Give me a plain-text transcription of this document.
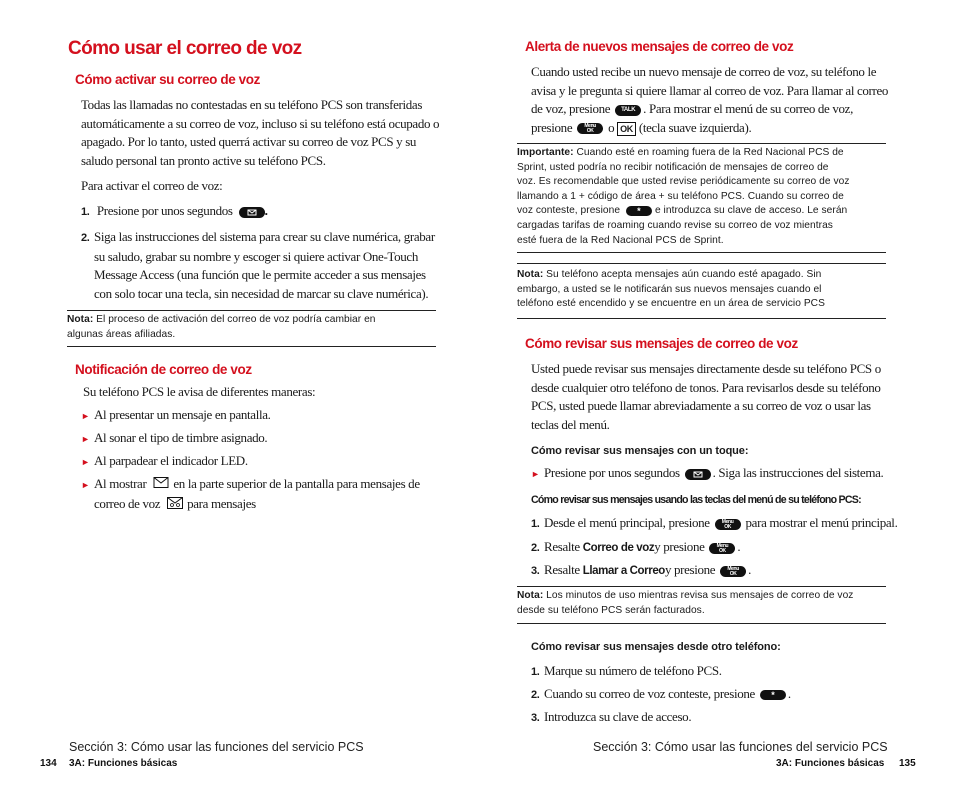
Cómo usar el correo de voz
Cómo activar su correo de voz
Todas las llamadas no contestadas en su teléfono PCS son transferidas
automáticamente a su correo de voz, incluso si su teléfono está ocupado o
apagado. Por lo tanto, usted querrá activar su correo de voz PCS y su
saludo personal tan pronto active su teléfono PCS.
Para activar el correo de voz:
1. Presione por unos segundos .
2. Siga las instrucciones del sistema para crear su clave numérica, grabar
su saludo, grabar su nombre y escoger si quiere activar One-Touch
Message Access (una función que le permite acceder a sus mensajes
con solo tocar una tecla, sin necesidad de marcar su clave numérica).
Nota: El proceso de activación del correo de voz podría cambiar en
algunas áreas afiliadas.
Notificación de correo de voz
Su teléfono PCS le avisa de diferentes maneras:
► Al presentar un mensaje en pantalla.
► Al sonar el tipo de timbre asignado.
► Al parpadear el indicador LED.
► Al mostrar en la parte superior de la pantalla para mensajes de
correo de voz para mensajes
Sección 3: Cómo usar las funciones del servicio PCS
134 3A: Funciones básicas
Alerta de nuevos mensajes de correo de voz
Cuando usted recibe un nuevo mensaje de correo de voz, su teléfono le
avisa y le pregunta si quiere llamar al correo de voz. Para llamar al correo
de voz, presione TALK . Para mostrar el menú de su correo de voz,
presione Menu
OK o OK (tecla suave izquierda).
Importante: Cuando esté en roaming fuera de la Red Nacional PCS de
Sprint, usted podría no recibir notificación de mensajes de correo de
voz. Es recomendable que usted revise periódicamente su correo de voz
llamando a 1 + código de área + su teléfono PCS. Cuando su correo de
voz conteste, presione * e introduzca su clave de acceso. Le serán
cargadas tarifas de roaming cuando revise su correo de voz mientras
esté fuera de la Red Nacional PCS de Sprint.
Nota: Su teléfono acepta mensajes aún cuando esté apagado. Sin
embargo, a usted se le notificarán sus nuevos mensajes cuando el
teléfono esté encendido y se encuentre en un área de servicio PCS
Cómo revisar sus mensajes de correo de voz
Usted puede revisar sus mensajes directamente desde su teléfono PCS o
desde cualquier otro teléfono de tonos. Para revisarlos desde su teléfono
PCS, usted puede llamar abreviadamente a su correo de voz o usar las
teclas del menú.
Cómo revisar sus mensajes con un toque:
► Presione por unos segundos	. Siga las instrucciones del sistema.
Cómo revisar sus mensajes usando las teclas del menú de su teléfono PCS:
1. Desde el menú principal, presione Menu
OK para mostrar el menú principal.
2. Resalte Correo de vozy presione Menu
OK .
3. Resalte Llamar a Correoy presione Menu
OK .
Nota: Los minutos de uso mientras revisa sus mensajes de correo de voz
desde su teléfono PCS serán facturados.
Cómo revisar sus mensajes desde otro teléfono:
1. Marque su número de teléfono PCS.
2. Cuando su correo de voz conteste, presione * .
3. Introduzca su clave de acceso.
Sección 3: Cómo usar las funciones del servicio PCS
3A: Funciones básicas 135
